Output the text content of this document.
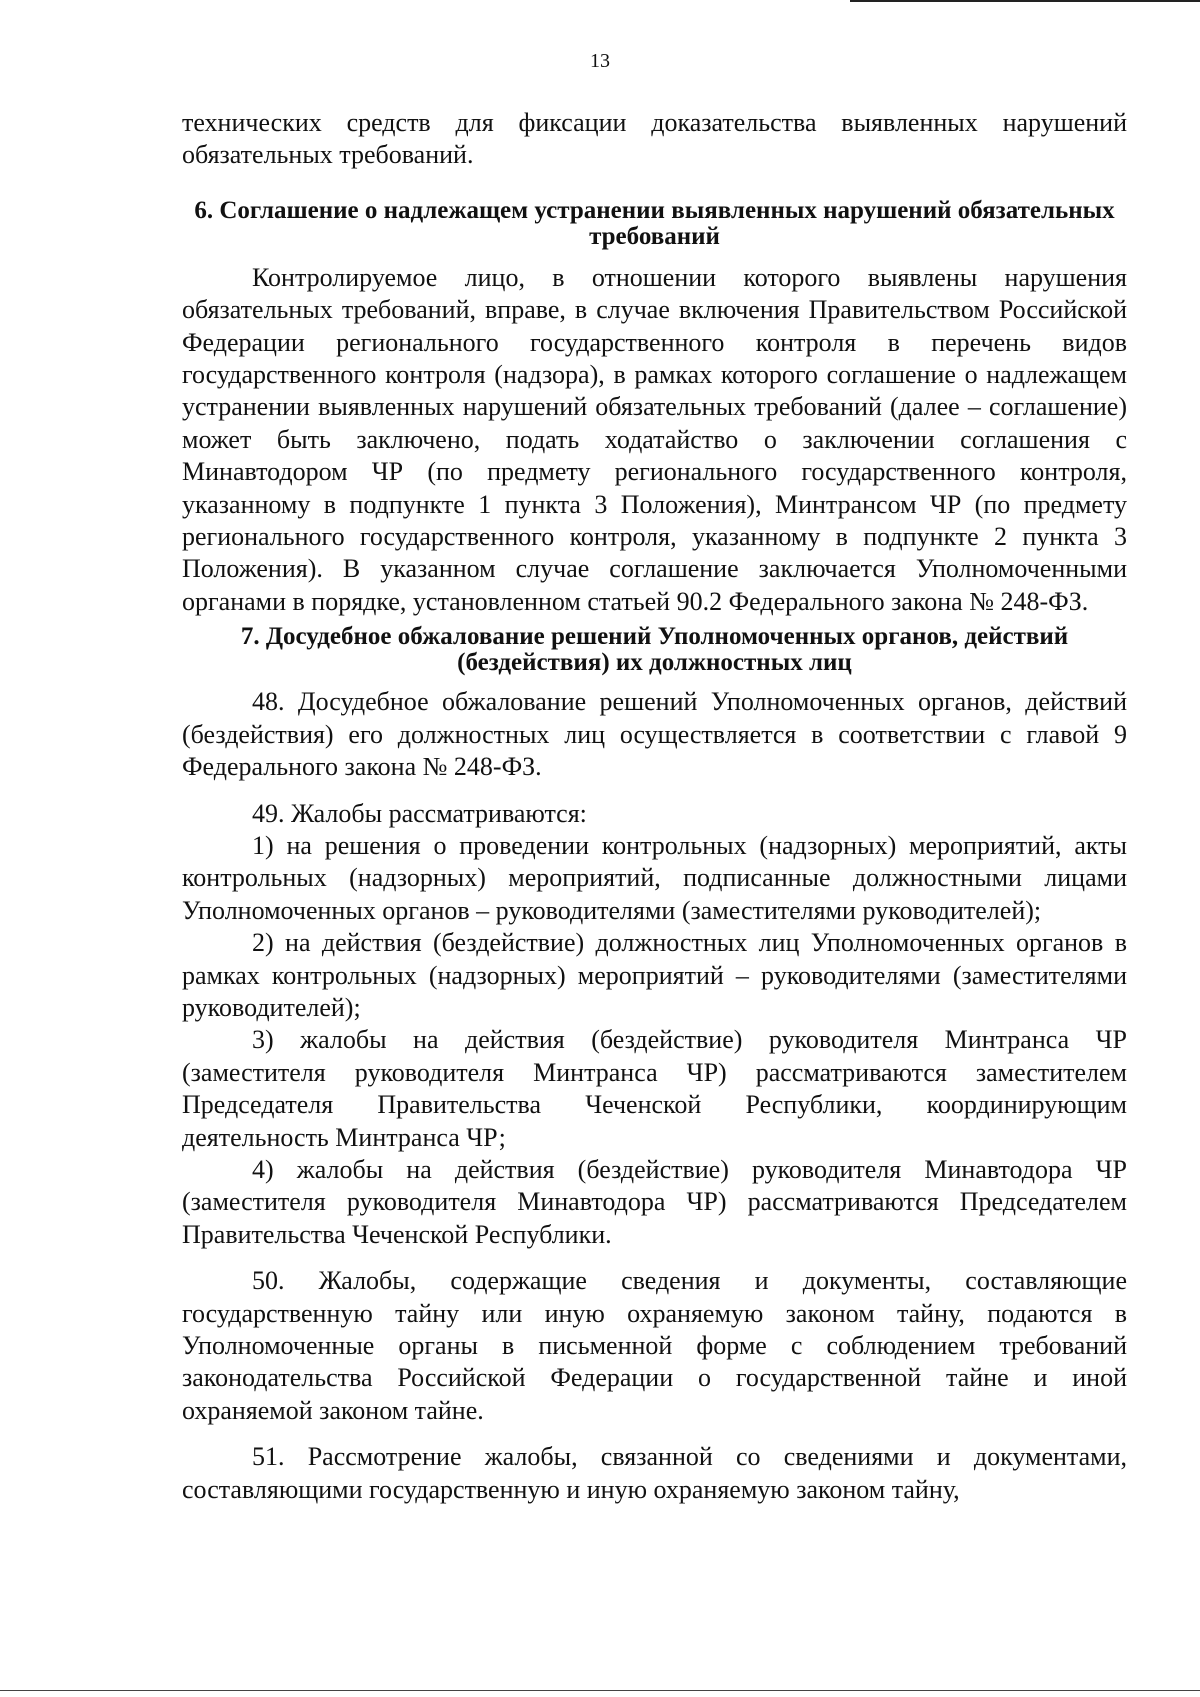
13

технических средств для фиксации доказательства выявленных нарушений обязательных требований.

6. Соглашение о надлежащем устранении выявленных нарушений обязательных требований

Контролируемое лицо, в отношении которого выявлены нарушения обязательных требований, вправе, в случае включения Правительством Российской Федерации регионального государственного контроля в перечень видов государственного контроля (надзора), в рамках которого соглашение о надлежащем устранении выявленных нарушений обязательных требований (далее – соглашение) может быть заключено, подать ходатайство о заключении соглашения с Минавтодором ЧР (по предмету регионального государственного контроля, указанному в подпункте 1 пункта 3 Положения), Минтрансом ЧР (по предмету регионального государственного контроля, указанному в подпункте 2 пункта 3 Положения). В указанном случае соглашение заключается Уполномоченными органами в порядке, установленном статьей 90.2 Федерального закона № 248-ФЗ.

7. Досудебное обжалование решений Уполномоченных органов, действий (бездействия) их должностных лиц

48. Досудебное обжалование решений Уполномоченных органов, действий (бездействия) его должностных лиц осуществляется в соответствии с главой 9 Федерального закона № 248-ФЗ.

49. Жалобы рассматриваются:

1) на решения о проведении контрольных (надзорных) мероприятий, акты контрольных (надзорных) мероприятий, подписанные должностными лицами Уполномоченных органов – руководителями (заместителями руководителей);

2) на действия (бездействие) должностных лиц Уполномоченных органов в рамках контрольных (надзорных) мероприятий – руководителями (заместителями руководителей);

3) жалобы на действия (бездействие) руководителя Минтранса ЧР (заместителя руководителя Минтранса ЧР) рассматриваются заместителем Председателя Правительства Чеченской Республики, координирующим деятельность Минтранса ЧР;

4) жалобы на действия (бездействие) руководителя Минавтодора ЧР (заместителя руководителя Минавтодора ЧР) рассматриваются Председателем Правительства Чеченской Республики.

50. Жалобы, содержащие сведения и документы, составляющие государственную тайну или иную охраняемую законом тайну, подаются в Уполномоченные органы в письменной форме с соблюдением требований законодательства Российской Федерации о государственной тайне и иной охраняемой законом тайне.

51. Рассмотрение жалобы, связанной со сведениями и документами, составляющими государственную и иную охраняемую законом тайну,
